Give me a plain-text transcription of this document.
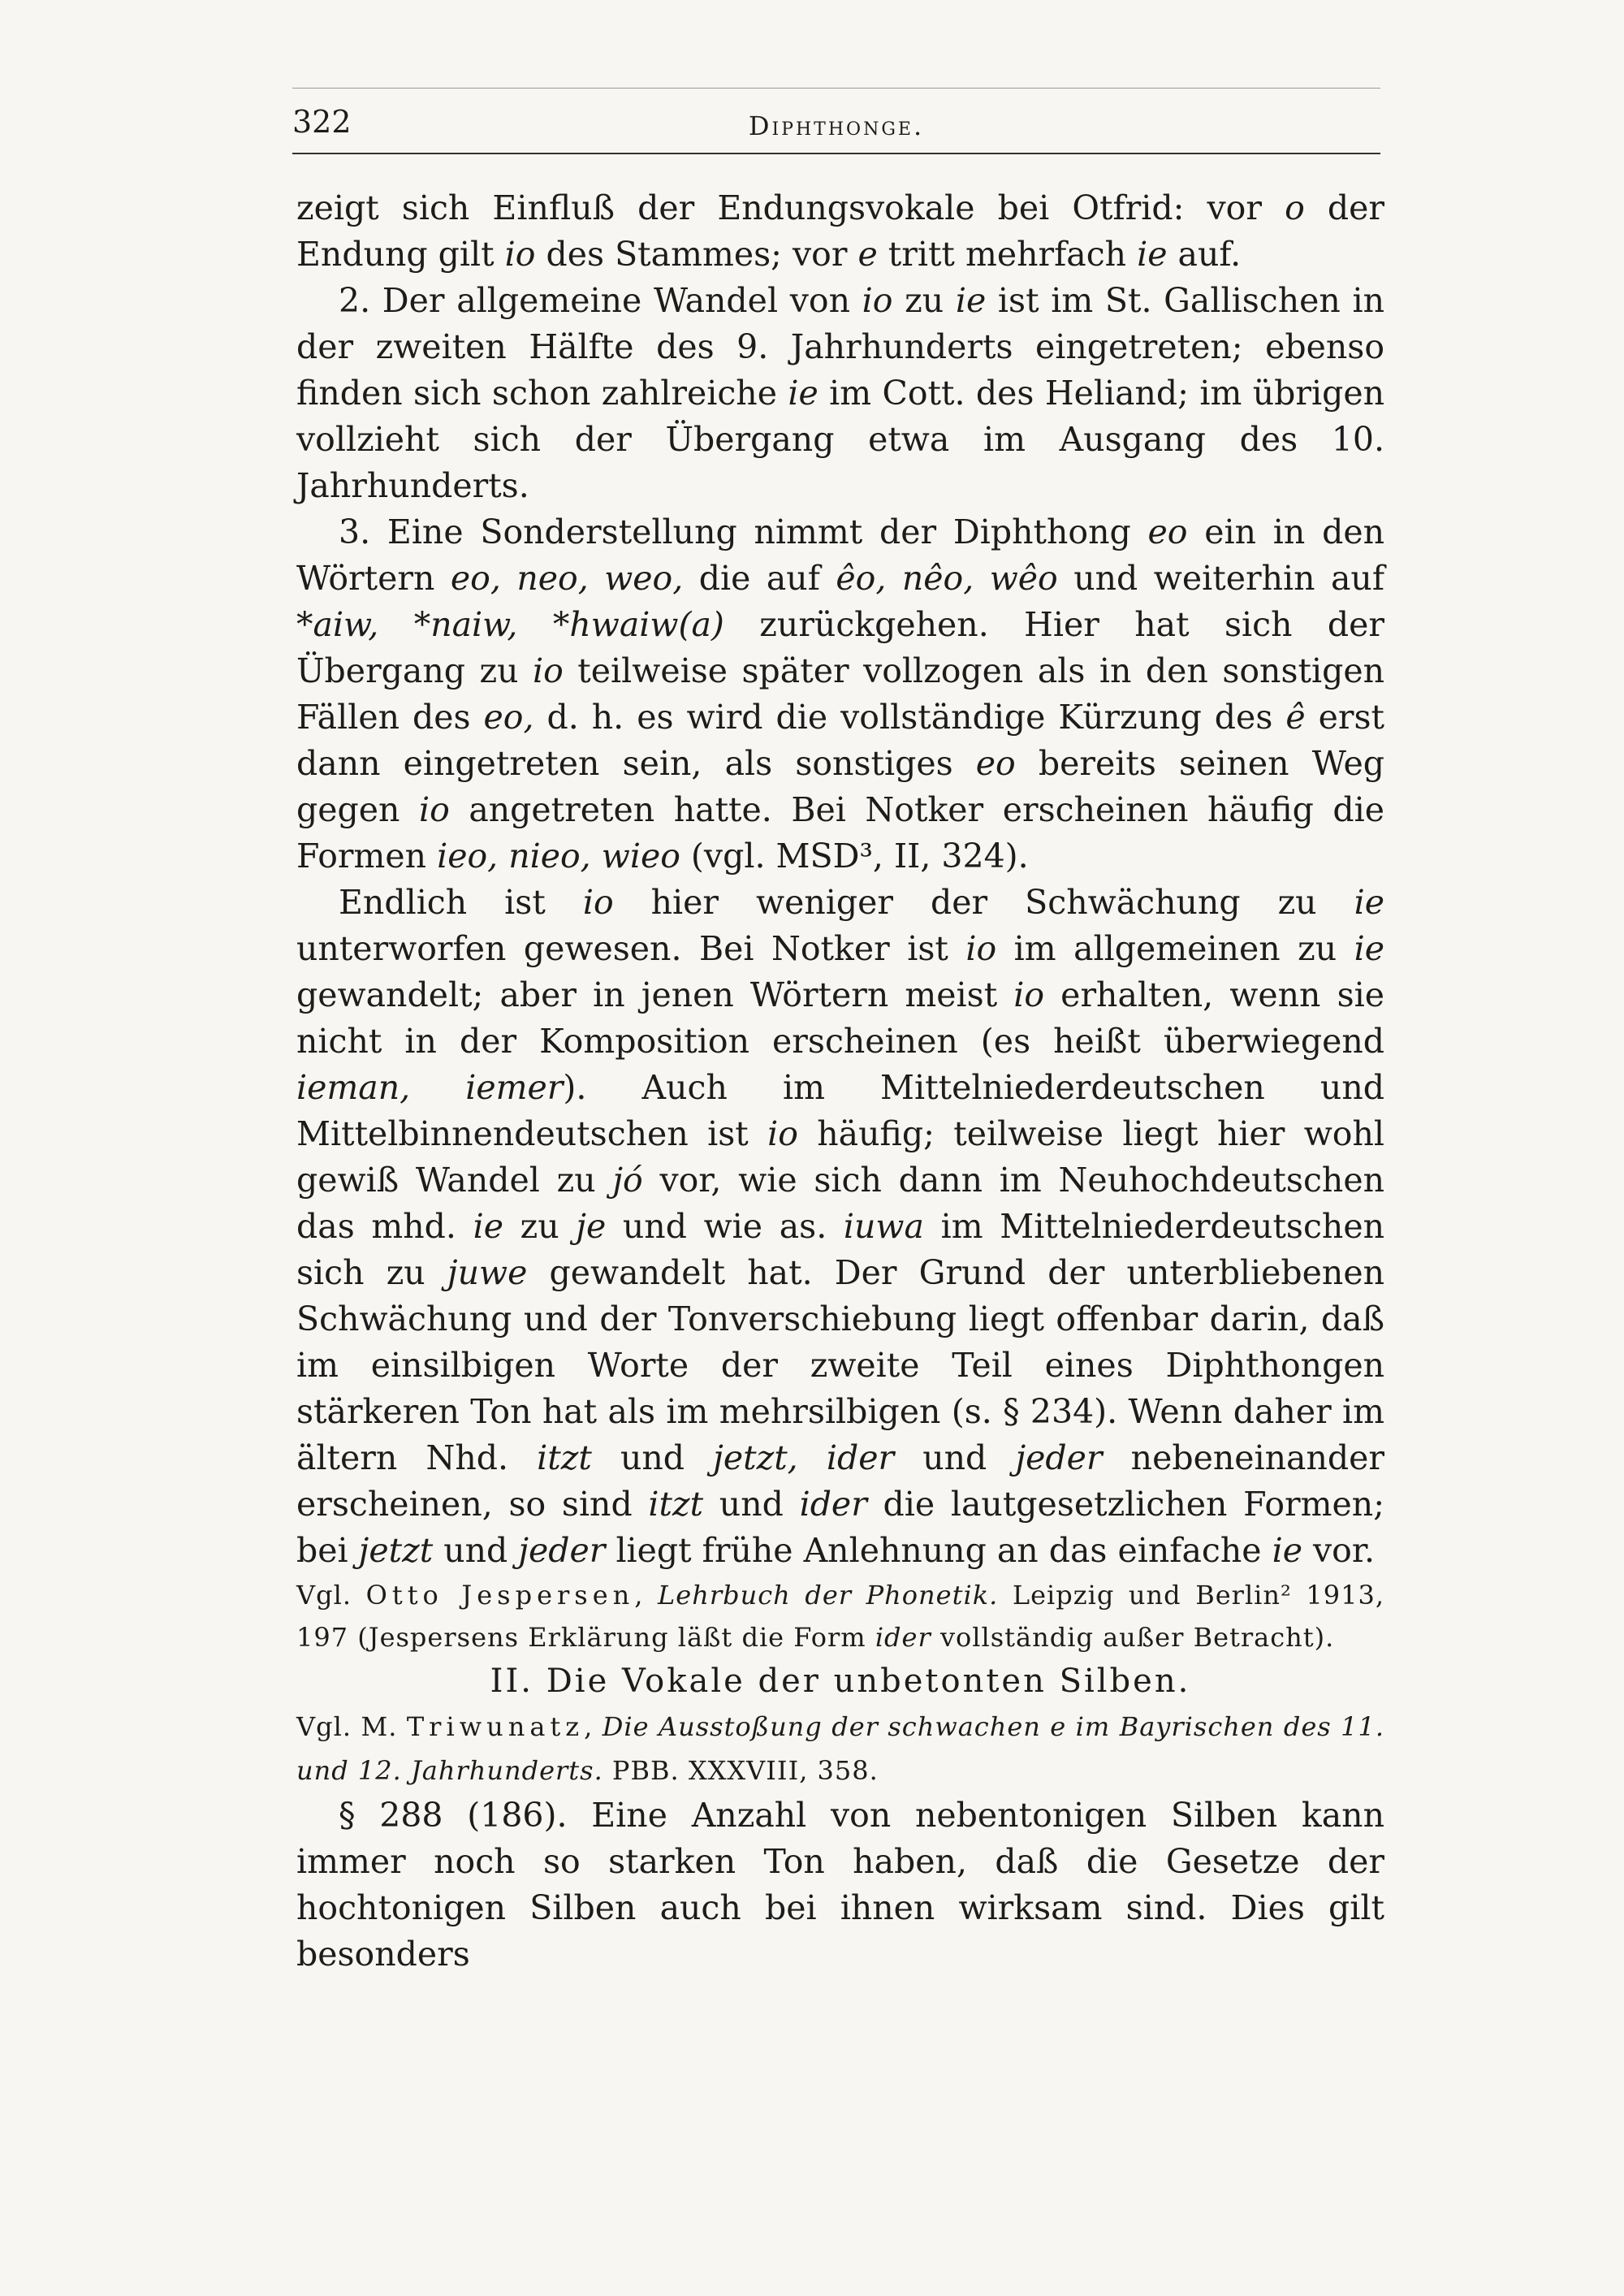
322	Diphthonge.

zeigt sich Einfluß der Endungsvokale bei Otfrid: vor o der Endung gilt io des Stammes; vor e tritt mehrfach ie auf.

2. Der allgemeine Wandel von io zu ie ist im St. Gallischen in der zweiten Hälfte des 9. Jahrhunderts eingetreten; ebenso finden sich schon zahlreiche ie im Cott. des Heliand; im übrigen vollzieht sich der Übergang etwa im Ausgang des 10. Jahrhunderts.

3. Eine Sonderstellung nimmt der Diphthong eo ein in den Wörtern eo, neo, weo, die auf êo, nêo, wêo und weiterhin auf *aiw, *naiw, *hwaiw(a) zurückgehen. Hier hat sich der Übergang zu io teilweise später vollzogen als in den sonstigen Fällen des eo, d. h. es wird die vollständige Kürzung des ê erst dann eingetreten sein, als sonstiges eo bereits seinen Weg gegen io angetreten hatte. Bei Notker erscheinen häufig die Formen ieo, nieo, wieo (vgl. MSD³, II, 324).

Endlich ist io hier weniger der Schwächung zu ie unterworfen gewesen. Bei Notker ist io im allgemeinen zu ie gewandelt; aber in jenen Wörtern meist io erhalten, wenn sie nicht in der Komposition erscheinen (es heißt überwiegend ieman, iemer). Auch im Mittelniederdeutschen und Mittelbinnendeutschen ist io häufig; teilweise liegt hier wohl gewiß Wandel zu jó vor, wie sich dann im Neuhochdeutschen das mhd. ie zu je und wie as. iuwa im Mittelniederdeutschen sich zu juwe gewandelt hat. Der Grund der unterbliebenen Schwächung und der Tonverschiebung liegt offenbar darin, daß im einsilbigen Worte der zweite Teil eines Diphthongen stärkeren Ton hat als im mehrsilbigen (s. § 234). Wenn daher im ältern Nhd. itzt und jetzt, ider und jeder nebeneinander erscheinen, so sind itzt und ider die lautgesetzlichen Formen; bei jetzt und jeder liegt frühe Anlehnung an das einfache ie vor.

Vgl. Otto Jespersen, Lehrbuch der Phonetik. Leipzig und Berlin² 1913, 197 (Jespersens Erklärung läßt die Form ider vollständig außer Betracht).

II. Die Vokale der unbetonten Silben.

Vgl. M. Triwunatz, Die Ausstoßung der schwachen e im Bayrischen des 11. und 12. Jahrhunderts. PBB. XXXVIII, 358.

§ 288 (186). Eine Anzahl von nebentonigen Silben kann immer noch so starken Ton haben, daß die Gesetze der hochtonigen Silben auch bei ihnen wirksam sind. Dies gilt besonders
